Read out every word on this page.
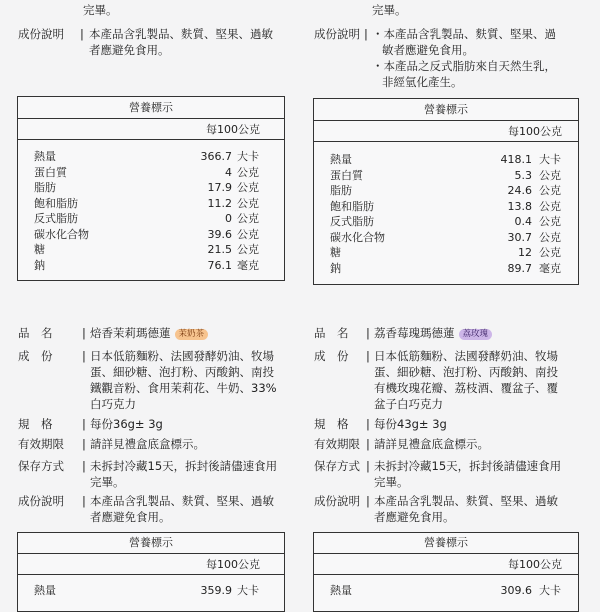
完畢。
成份說明 | 本產品含乳製品、麩質、堅果、過敏
者應避免食用。
營養標示
每100公克
熱量	366.7 大卡
蛋白質	4 公克
脂肪	17.9 公克
飽和脂肪	11.2 公克
反式脂肪	0 公克
碳水化合物	39.6 公克
糖	21.5 公克
鈉	76.1 毫克
完畢。
成份說明 | ・本產品含乳製品、麩質、堅果、過
敏者應避免食用。
・本產品之反式脂肪來自天然生乳，
非經氫化產生。
營養標示
每100公克
熱量	418.1 大卡
蛋白質	5.3 公克
脂肪	24.6 公克
飽和脂肪	13.8 公克
反式脂肪	0.4 公克
碳水化合物	30.7 公克
糖	12 公克
鈉	89.7 毫克
品　名	| 焙香茉莉瑪德蓮 茉奶茶
成　份	| 日本低筋麵粉、法國發酵奶油、牧場
蛋、細砂糖、泡打粉、丙酸鈉、南投
鐵觀音粉、食用茉莉花、牛奶、33%
白巧克力
規　格	| 每份36g± 3g
有效期限 | 請詳見禮盒底盒標示。
保存方式 | 未拆封冷藏15天，拆封後請儘速食用
完畢。
成份說明 | 本產品含乳製品、麩質、堅果、過敏
者應避免食用。
營養標示
每100公克
熱量	359.9 大卡
品　名 | 荔香莓瑰瑪德蓮 荔玫瑰
成　份 | 日本低筋麵粉、法國發酵奶油、牧場
蛋、細砂糖、泡打粉、丙酸鈉、南投
有機玫瑰花瓣、荔枝酒、覆盆子、覆
盆子白巧克力
規　格 | 每份43g± 3g
有效期限 | 請詳見禮盒底盒標示。
保存方式 | 未拆封冷藏15天，拆封後請儘速食用
完畢。
成份說明 | 本產品含乳製品、麩質、堅果、過敏
者應避免食用。
營養標示
每100公克
熱量	309.6 大卡
